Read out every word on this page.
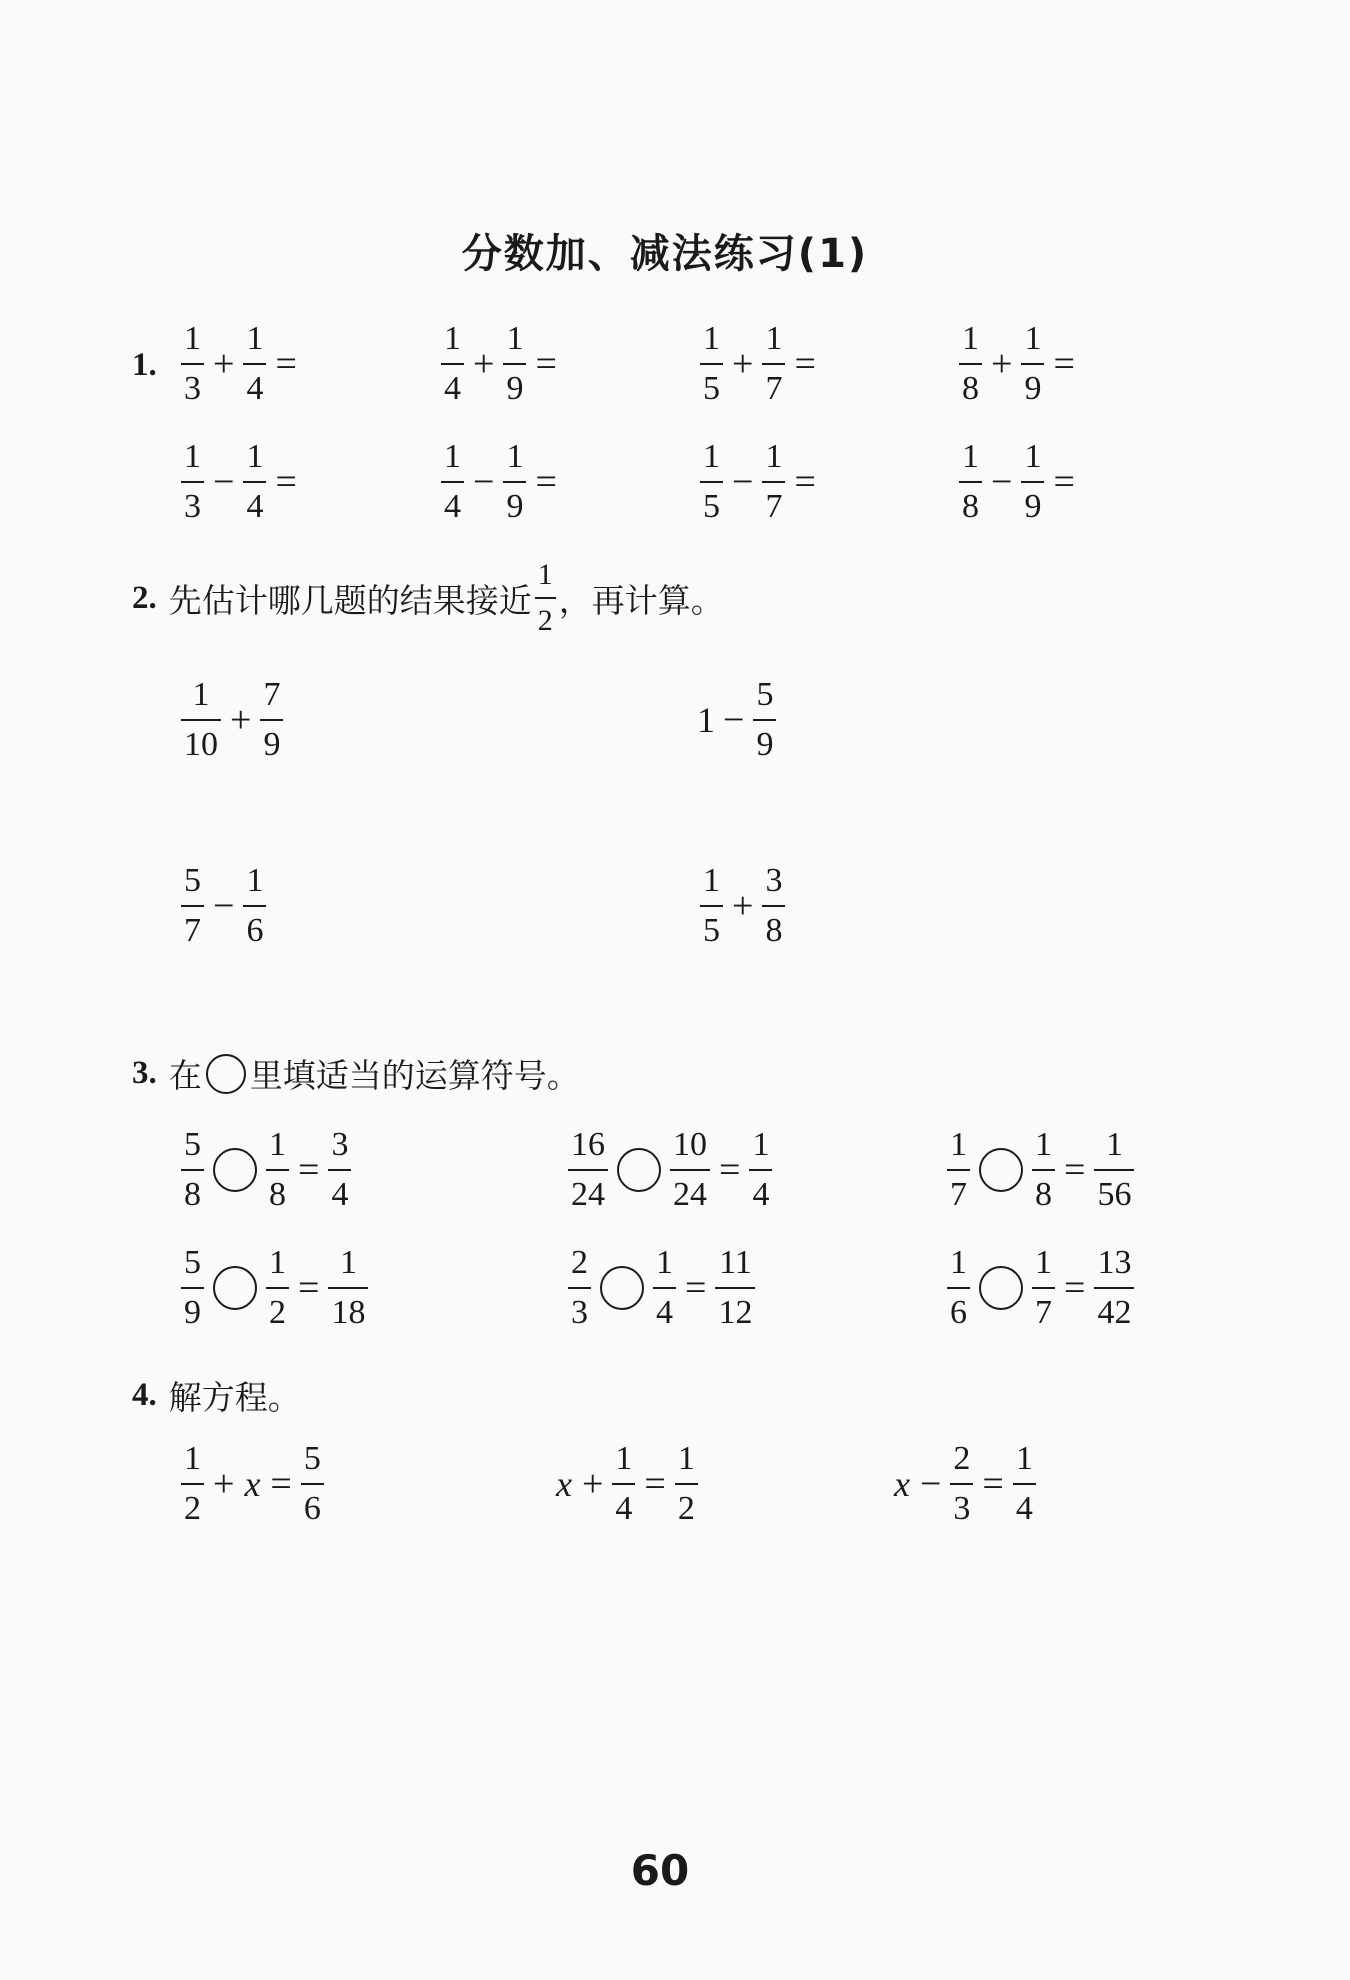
分数加、减法练习(1)
1. $\frac{1}{3} + \frac{1}{4}$ =	$\frac{1}{4} + \frac{1}{9}$ =	$\frac{1}{5} + \frac{1}{7}$ =	$\frac{1}{8} + \frac{1}{9}$ =
$\frac{1}{3} - \frac{1}{4}$ =	$\frac{1}{4} - \frac{1}{9}$ =	$\frac{1}{5} - \frac{1}{7}$ =	$\frac{1}{8} - \frac{1}{9}$ =
2. 先估计哪几题的结果接近 $\frac{1}{2}$ ，再计算。
$\frac{1}{10} + \frac{7}{9}$	$1 - \frac{5}{9}$
$\frac{5}{7} - \frac{1}{6}$	$\frac{1}{5} + \frac{3}{8}$
3. 在 里填适当的运算符号。
$\frac{5}{8} \frac{1}{8} = \frac{3}{4}$	$\frac{16}{24} \frac{10}{24} = \frac{1}{4}$	$\frac{1}{7} \frac{1}{8} = \frac{1}{56}$
$\frac{5}{9} \frac{1}{2} = \frac{1}{18}$	$\frac{2}{3} \frac{1}{4} = \frac{11}{12}$	$\frac{1}{6} \frac{1}{7} = \frac{13}{42}$
4. 解方程。
$\frac{1}{2} + x = \frac{5}{6}$	$x + \frac{1}{4} = \frac{1}{2}$	$x - \frac{2}{3} = \frac{1}{4}$
60
